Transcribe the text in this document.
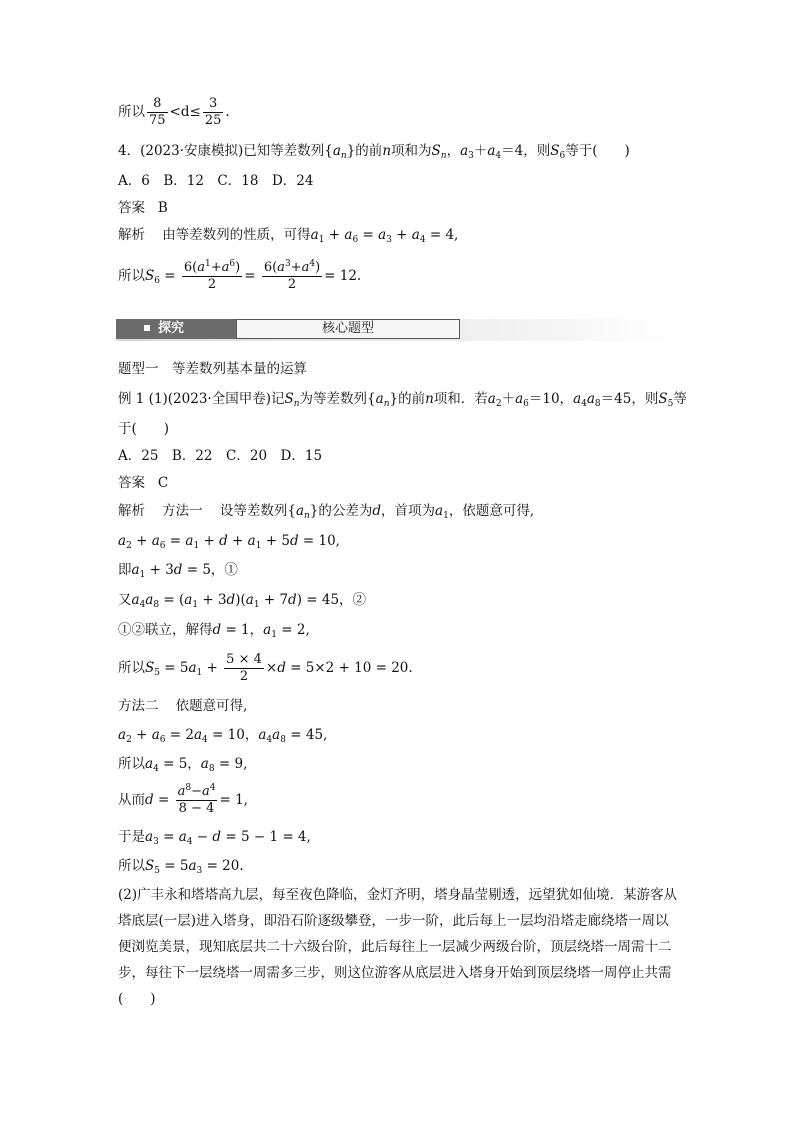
所以 $\frac{8}{75} <d\le \frac{3}{25}$ .
4．(2023·安康模拟)已知等差数列$\{a_n\}$的前n项和为$S_n$，$a_3+a_4=4$，则$S_6$等于(　　)
A．6　B．12　C．18　D．24
答案 B
解析 由等差数列的性质，可得$a_1 + a_6 = a_3 + a_4 = 4$,
所以$S_6 = \frac{6(a^1+a^6)}{2} = \frac{6(a^3+a^4)}{2} = 12$.
探究	核心题型
题型一　等差数列基本量的运算
例 1 (1)(2023·全国甲卷)记$S_n$为等差数列$\{a_n\}$的前n项和．若$a_2+a_6=10$，$a_4a_8=45$，则$S_5$等
于(　　)
A．25　B．22　C．20　D．15
答案 C
解析 方法一 设等差数列$\{a_n\}$的公差为d，首项为$a_1$，依题意可得,
$a_2 + a_6 = a_1 + d + a_1 + 5d = 10$,
即$a_1 + 3d = 5$，①
又$a_4a_8 = (a_1 + 3d)(a_1 + 7d) = 45$，②
①②联立，解得d = 1，$a_1 = 2$,
所以$S_5 = 5a_1 + \frac{5 \times 4}{2} \times d = 5\times 2 + 10 = 20$.
方法二 依题意可得,
$a_2 + a_6 = 2a_4 = 10$，$a_4a_8 = 45$,
所以$a_4 = 5$，$a_8 = 9$,
从而$d = \frac{a^8-a^4}{8 - 4} = 1$,
于是$a_3 = a_4 - d = 5 - 1 = 4$,
所以$S_5 = 5a_3 = 20$.
(2)广丰永和塔塔高九层，每至夜色降临，金灯齐明，塔身晶莹剔透，远望犹如仙境．某游客从塔底层(一层)进入塔身，即沿石阶逐级攀登，一步一阶，此后每上一层均沿塔走廊绕塔一周以便浏览美景，现知底层共二十六级台阶，此后每往上一层减少两级台阶，顶层绕塔一周需十二步，每往下一层绕塔一周需多三步，则这位游客从底层进入塔身开始到顶层绕塔一周停止共需(　　)
